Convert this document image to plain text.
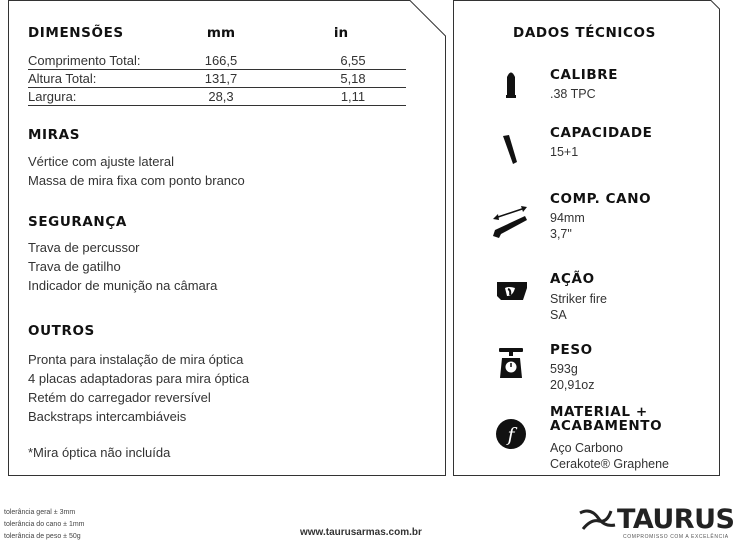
DIMENSÕES	mm	in
Comprimento Total:	166,5	6,55
Altura Total:	131,7	5,18
Largura:	28,3	1,11
MIRAS
Vértice com ajuste lateral
Massa de mira fixa com ponto branco
SEGURANÇA
Trava de percussor
Trava de gatilho
Indicador de munição na câmara
OUTROS
Pronta para instalação de mira óptica
4 placas adaptadoras para mira óptica
Retém do carregador reversível
Backstraps intercambiáveis
*Mira óptica não incluída
DADOS TÉCNICOS
CALIBRE
.38 TPC
CAPACIDADE
15+1
COMP. CANO
94mm
3,7"
AÇÃO
Striker fire
SA
PESO
593g
20,91oz
f
MATERIAL +
ACABAMENTO
Aço Carbono
Cerakote® Graphene
tolerância geral ± 3mm
tolerância do cano ± 1mm
tolerância de peso ± 50g	www.taurusarmas.com.br	TAURUS
COMPROMISSO COM A EXCELÊNCIA
